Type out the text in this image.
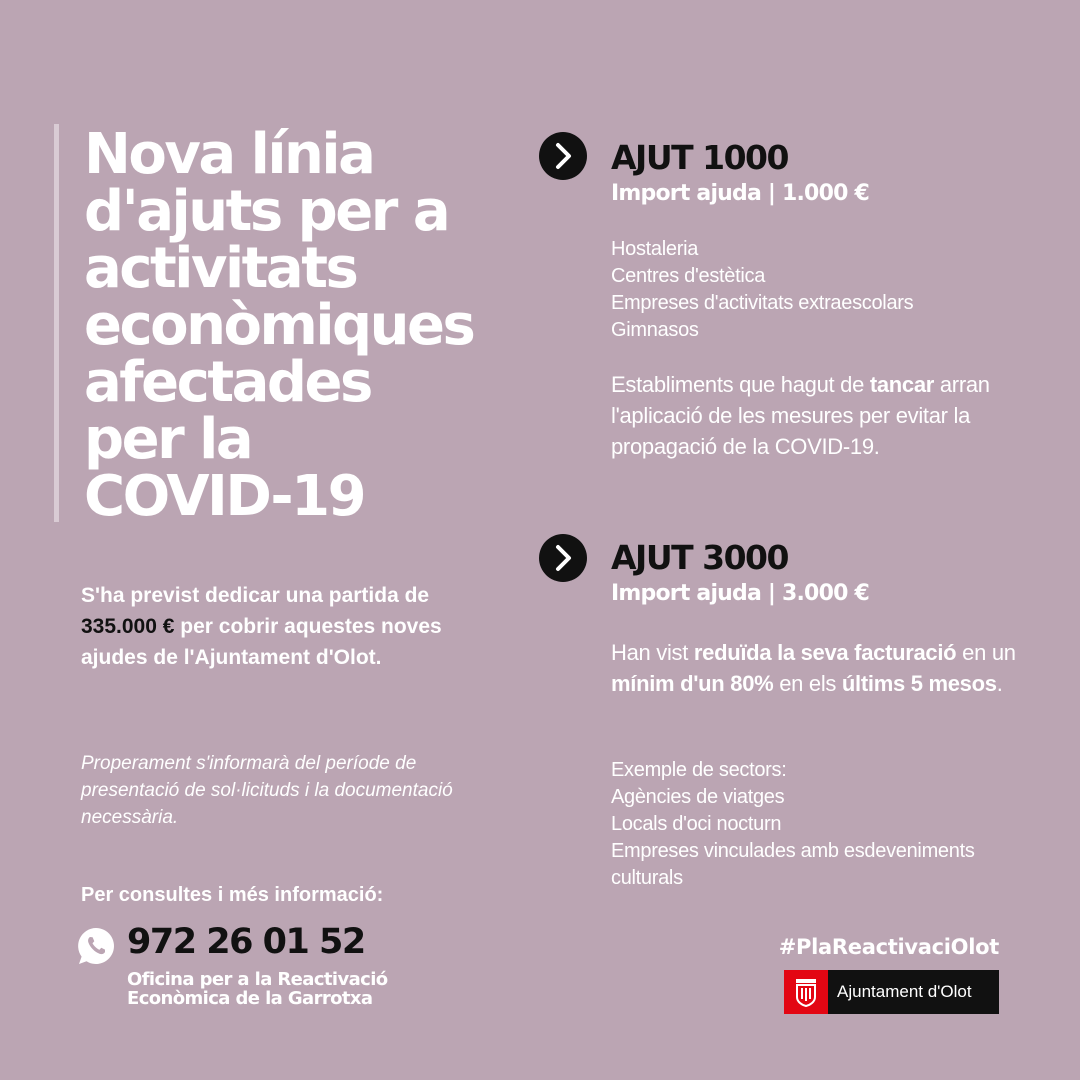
Nova línia
d'ajuts per a
activitats
econòmiques
afectades
per la
COVID-19

S'ha previst dedicar una partida de 335.000 € per cobrir aquestes noves ajudes de l'Ajuntament d'Olot.

Properament s'informarà del període de presentació de sol·licituds i la documentació necessària.

Per consultes i més informació:
972 26 01 52
Oficina per a la Reactivació
Econòmica de la Garrotxa
AJUT 1000
Import ajuda | 1.000 €
Hostaleria
Centres d'estètica
Empreses d'activitats extraescolars
Gimnasos

Establiments que hagut de tancar arran l'aplicació de les mesures per evitar la propagació de la COVID-19.

AJUT 3000
Import ajuda | 3.000 €

Han vist reduïda la seva facturació en un mínim d'un 80% en els últims 5 mesos.

Exemple de sectors:
Agències de viatges
Locals d'oci nocturn
Empreses vinculades amb esdeveniments
culturals
#PlaReactivaciOlot
Ajuntament d'Olot
